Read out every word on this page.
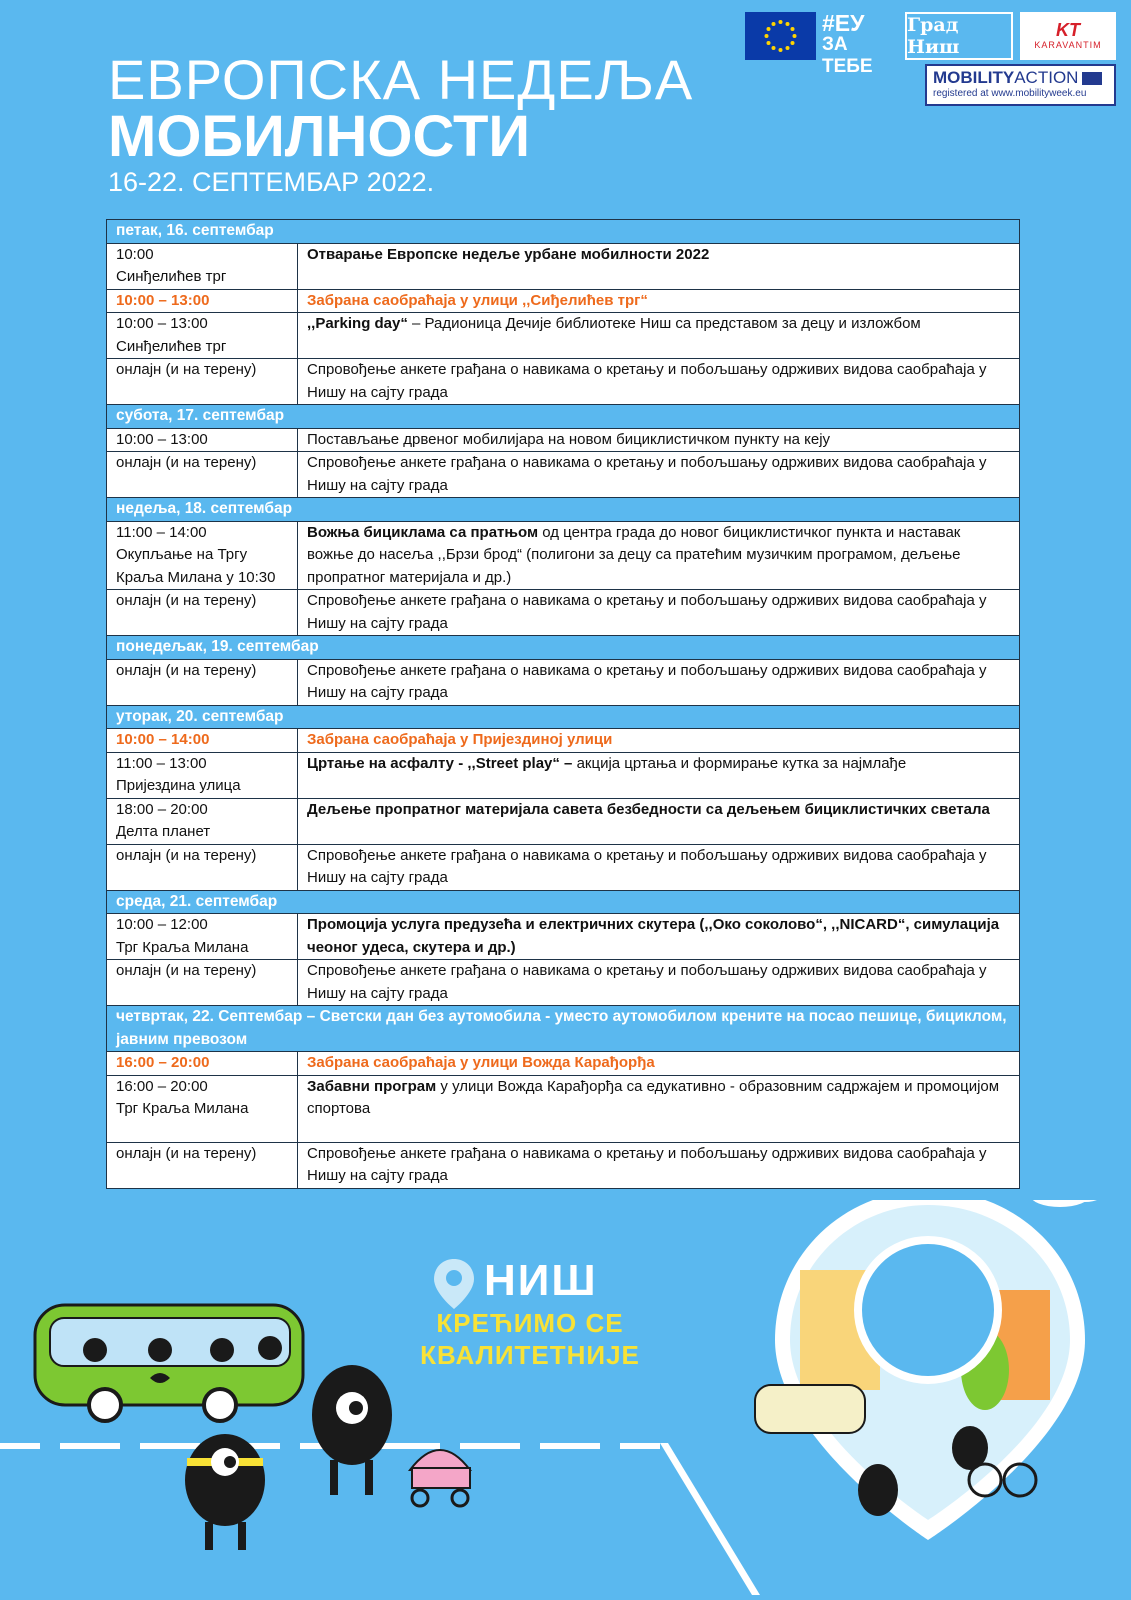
ЕВРОПСКА НЕДЕЉА
МОБИЛНОСТИ
16-22. СЕПТЕМБАР 2022.
#ЕУ
ЗА ТЕБЕ
Град Ниш
KT
KARAVANTIM
MOBILITYACTION
registered at www.mobilityweek.eu
петак, 16. септембар	

10:00
Синђелићев трг	Отварање Европске недеље урбане мобилности 2022
10:00 – 13:00	Забрана саобраћаја у улици ,,Сиђелићев трг“

10:00 – 13:00
Синђелићев трг	,,Parking day“ – Радионица Дечије библиотеке Ниш са представом за децу и изложбом
онлајн (и на терену)	Спровођење анкете грађана о навикама о кретању и побољшању одрживих видова саобраћаја у Нишу на сајту града
субота, 17. септембар	
10:00 – 13:00	Постављање дрвеног мобилијара на новом бициклистичком пункту на кеју
онлајн (и на терену)	Спровођење анкете грађана о навикама о кретању и побољшању одрживих видова саобраћаја у Нишу на сајту града
недеља, 18. септембар	

11:00 – 14:00
Окупљање на Тргу Краља Милана у 10:30	Вожња бициклама са пратњом од центра града до новог бициклистичког пункта и наставак вожње до насеља ,,Брзи брод“ (полигони за децу са пратећим музичким програмом, дељење пропратног материјала и др.)
онлајн (и на терену)	Спровођење анкете грађана о навикама о кретању и побољшању одрживих видова саобраћаја у Нишу на сајту града
понедељак, 19. септембар	
онлајн (и на терену)	Спровођење анкете грађана о навикама о кретању и побољшању одрживих видова саобраћаја у Нишу на сајту града
уторак, 20. септембар	
10:00 – 14:00	Забрана саобраћаја у Пријездиној улици

11:00 – 13:00
Пријездина улица	Цртање на асфалту - ,,Street play“ – акција цртања и формирање кутка за најмлађе

18:00 – 20:00
Делта планет	Дељење пропратног материјала савета безбедности са дељењем бициклистичких светала
онлајн (и на терену)	Спровођење анкете грађана о навикама о кретању и побољшању одрживих видова саобраћаја у Нишу на сајту града
среда, 21. септембар	

10:00 – 12:00
Трг Краља Милана	Промоција услуга предузећа и електричних скутера (,,Око соколово“, ,,NICARD“, симулација чеоног удеса, скутера и др.)
онлајн (и на терену)	Спровођење анкете грађана о навикама о кретању и побољшању одрживих видова саобраћаја у Нишу на сајту града
четвртак, 22. Септембар – Светски дан без аутомобила - уместо аутомобилом крените на посао пешице, бициклом, јавним превозом	
16:00 – 20:00	Забрана саобраћаја у улици Вожда Карађорђа

16:00 – 20:00
Трг Краља Милана	Забавни програм у улици Вожда Карађорђа са едукативно - образовним садржајем и промоцијом спортова
онлајн (и на терену)	Спровођење анкете грађана о навикама о кретању и побољшању одрживих видова саобраћаја у Нишу на сајту града
НИШ
КРЕЋИМО СЕ
КВАЛИТЕТНИЈЕ
